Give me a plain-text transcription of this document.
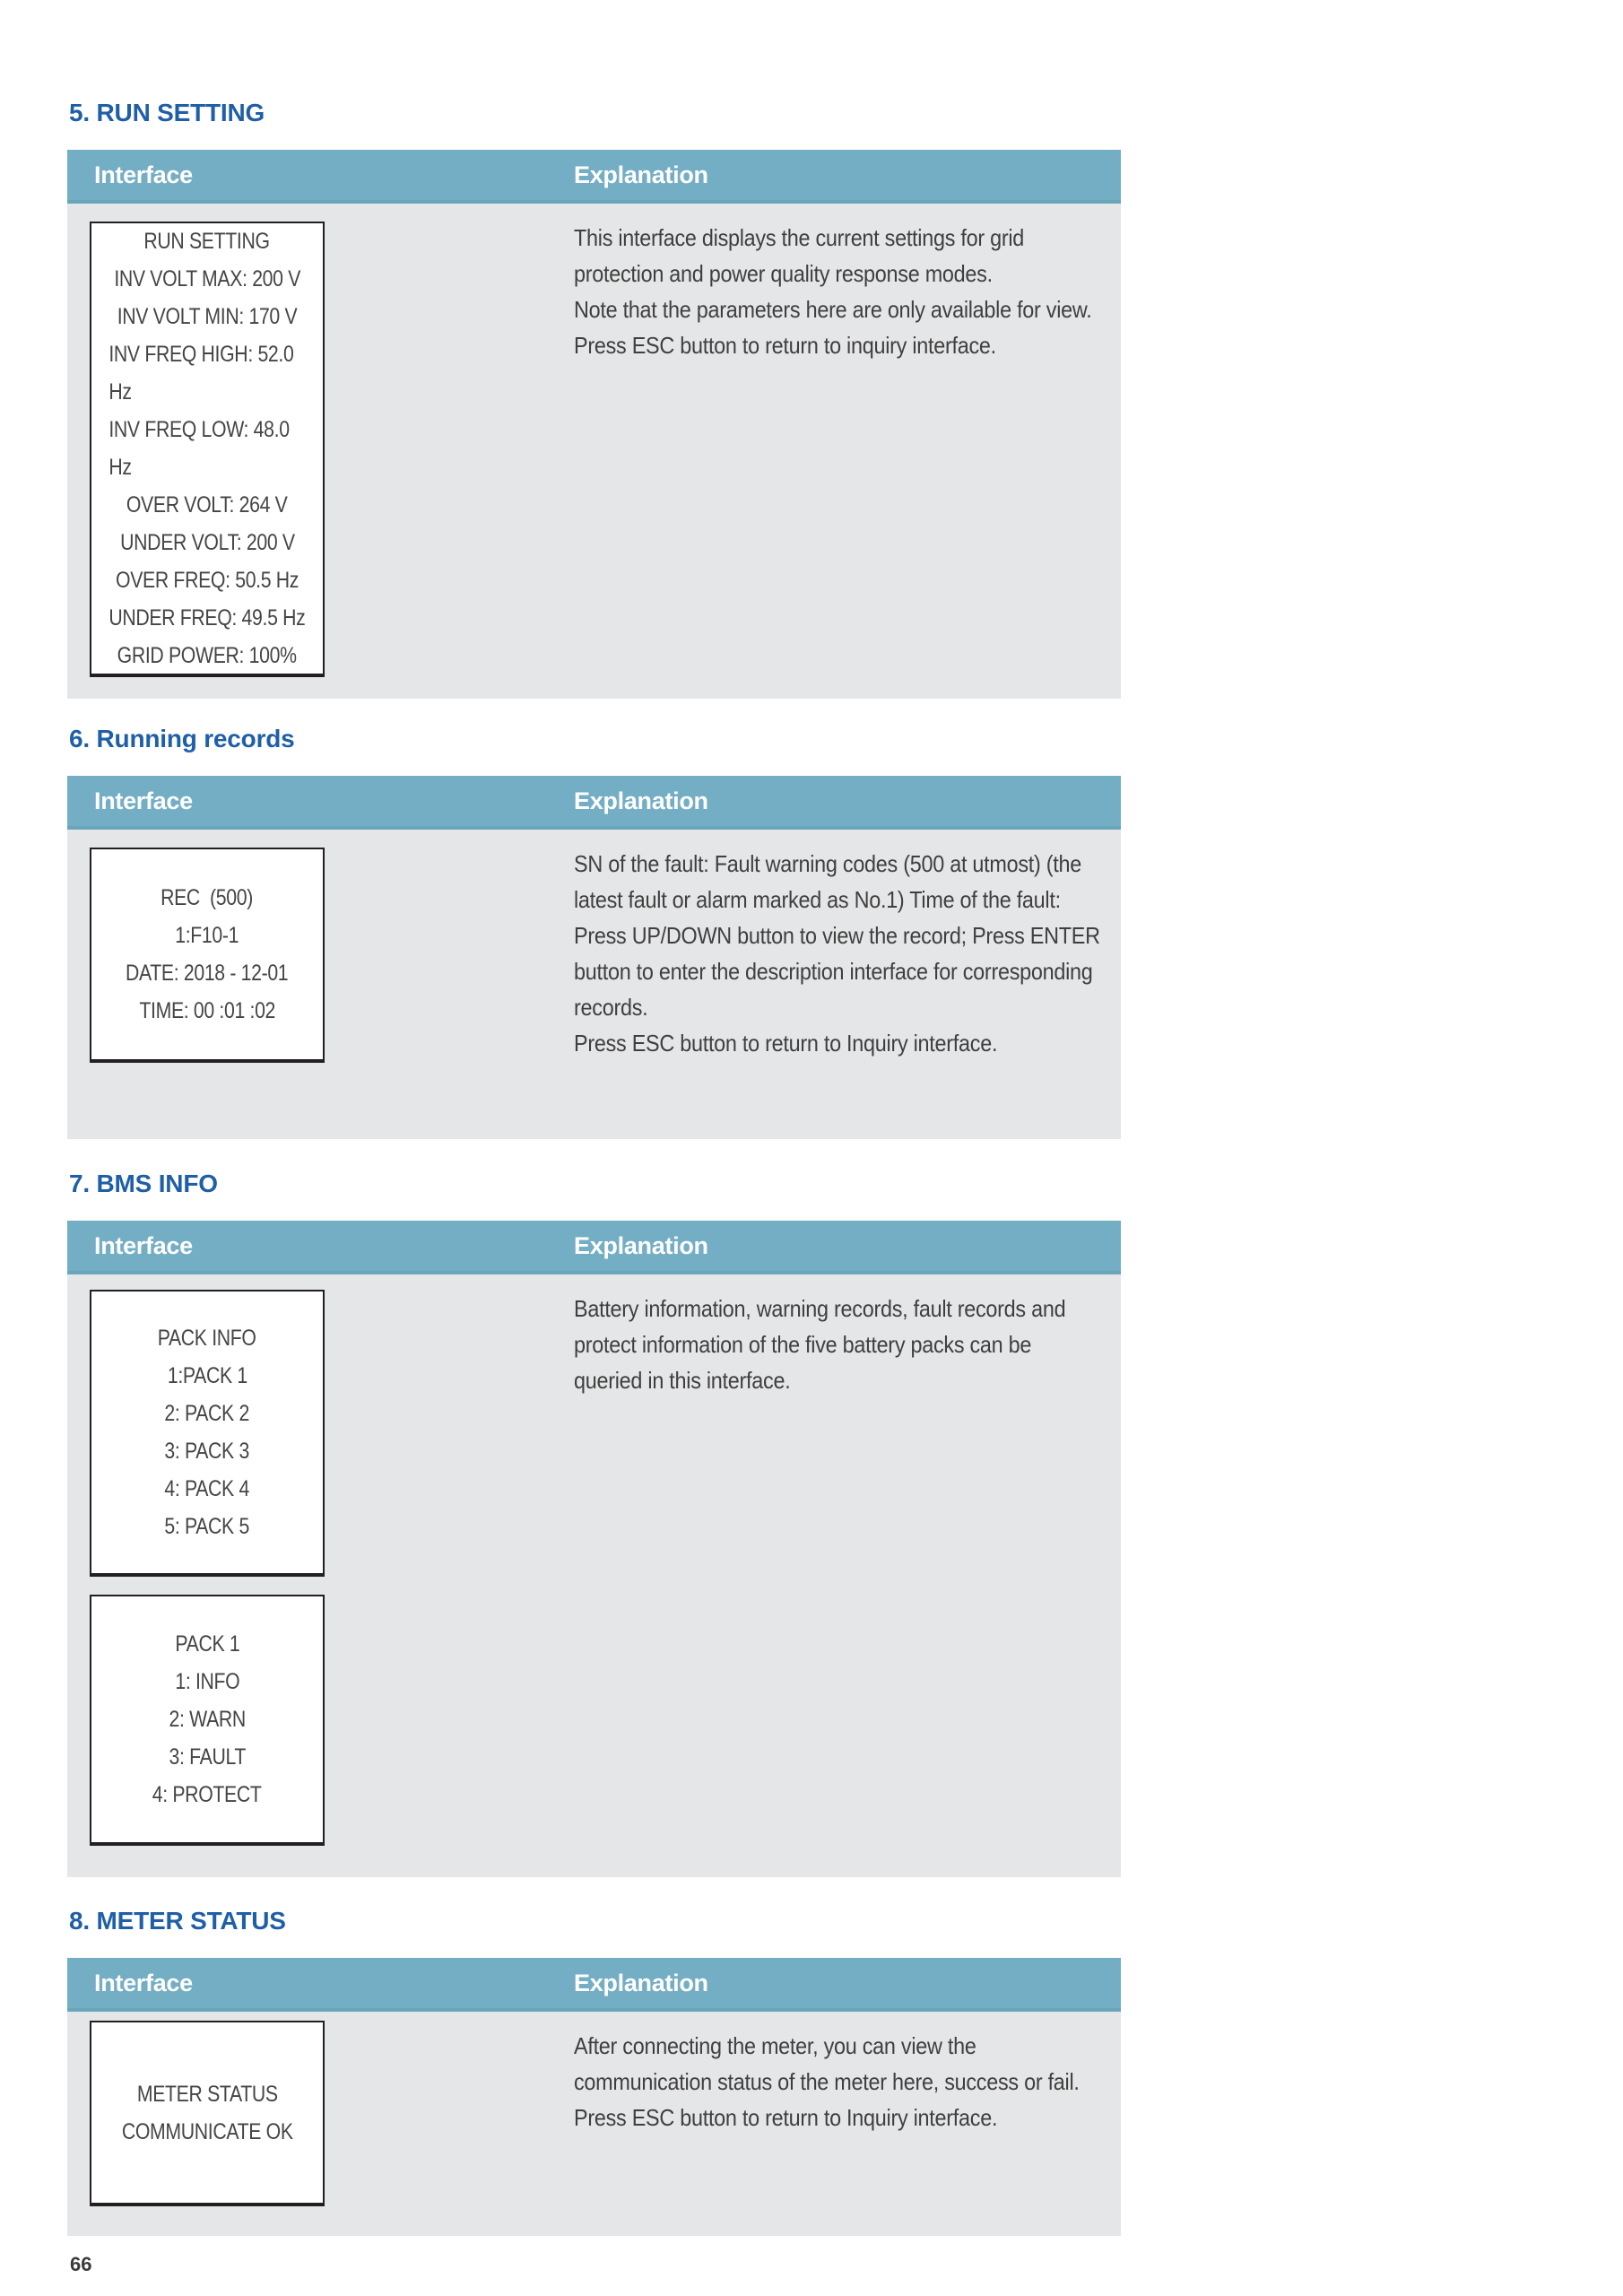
5. RUN SETTING
Interface	Explanation
RUN SETTING
INV VOLT MAX: 200 V
INV VOLT MIN: 170 V
INV FREQ HIGH: 52.0 Hz
INV FREQ LOW: 48.0 Hz
OVER VOLT: 264 V
UNDER VOLT: 200 V
OVER FREQ: 50.5 Hz
UNDER FREQ: 49.5 Hz
GRID POWER: 100%

This interface displays the current settings for grid protection and power quality response modes.

Note that the parameters here are only available for view.

Press ESC button to return to inquiry interface.

6. Running records
Interface	Explanation
REC  (500)
1:F10-1
DATE: 2018 - 12-01
TIME: 00 :01 :02

SN of the fault: Fault warning codes (500 at utmost) (the latest fault or alarm marked as No.1) Time of the fault:

Press UP/DOWN button to view the record; Press ENTER button to enter the description interface for corresponding records.

Press ESC button to return to Inquiry interface.

7. BMS INFO
Interface	Explanation
PACK INFO
1:PACK 1
2: PACK 2
3: PACK 3
4: PACK 4
5: PACK 5
PACK 1
1: INFO
2: WARN
3: FAULT
4: PROTECT

Battery information, warning records, fault records and protect information of the five battery packs can be queried in this interface.

8. METER STATUS
Interface	Explanation
METER STATUS
COMMUNICATE OK

After connecting the meter, you can view the communication status of the meter here, success or fail. Press ESC button to return to Inquiry interface.

66
